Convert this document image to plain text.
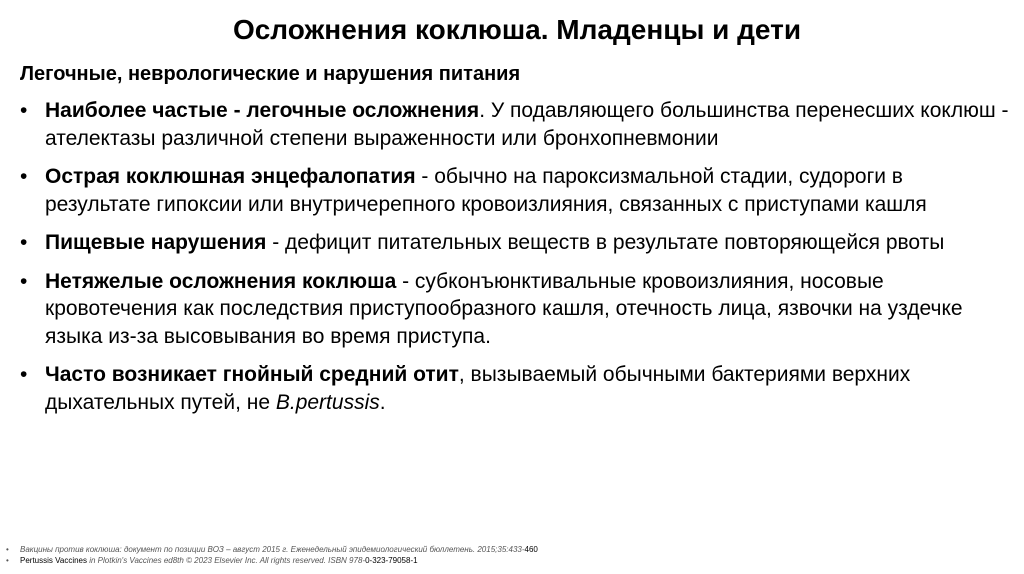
Осложнения коклюша. Младенцы и дети
Легочные, неврологические и нарушения питания
• Наиболее частые - легочные осложнения. У подавляющего большинства перенесших коклюш - ателектазы различной степени выраженности или бронхопневмонии
• Острая коклюшная энцефалопатия - обычно на пароксизмальной стадии, судороги в результате гипоксии или внутричерепного кровоизлияния, связанных с приступами кашля
• Пищевые нарушения - дефицит питательных веществ в результате повторяющейся рвоты
• Нетяжелые осложнения коклюша - субконъюнктивальные кровоизлияния, носовые кровотечения как последствия приступообразного кашля, отечность лица, язвочки на уздечке языка из-за высовывания во время приступа.
• Часто возникает гнойный средний отит, вызываемый обычными бактериями верхних дыхательных путей, не B.pertussis.
• Вакцины против коклюша: документ по позиции ВОЗ – август 2015 г. Еженедельный эпидемиологический бюллетень. 2015;35:433-460
• Pertussis Vaccines in Plotkin's Vaccines ed8th © 2023 Elsevier Inc. All rights reserved. ISBN 978-0-323-79058-1
